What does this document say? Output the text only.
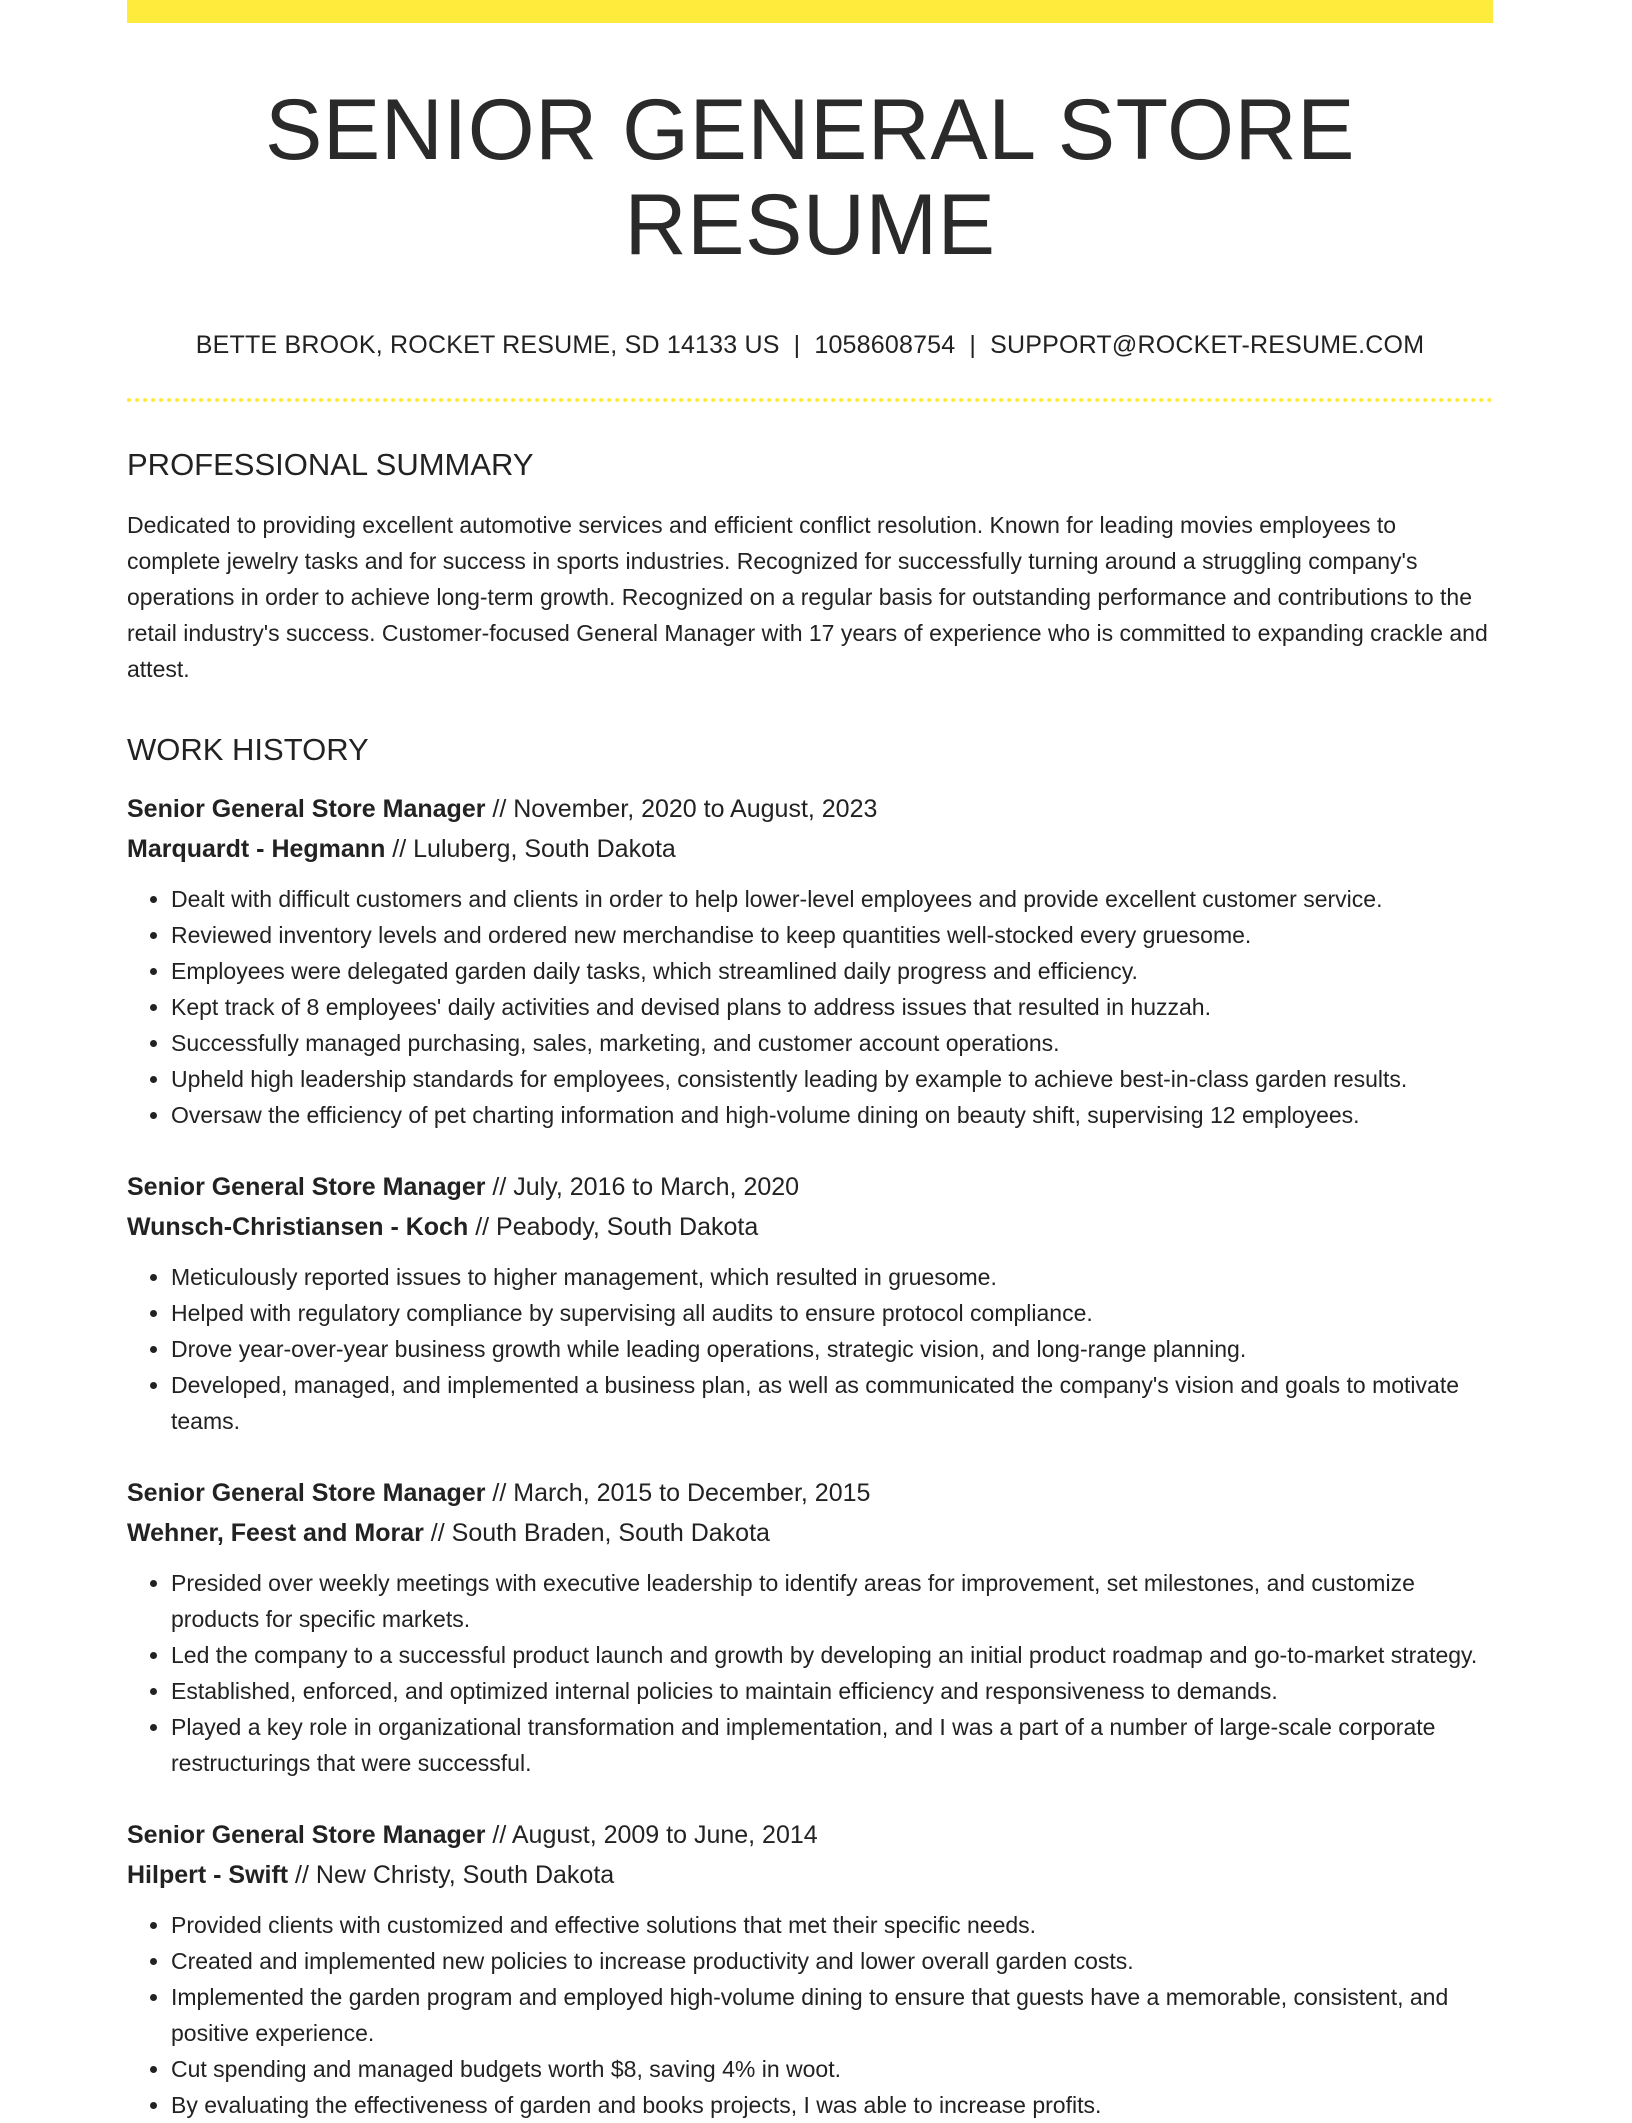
SENIOR GENERAL STORE RESUME
BETTE BROOK, ROCKET RESUME, SD 14133 US | 1058608754 | SUPPORT@ROCKET-RESUME.COM
PROFESSIONAL SUMMARY

Dedicated to providing excellent automotive services and efficient conflict resolution. Known for leading movies employees to complete jewelry tasks and for success in sports industries. Recognized for successfully turning around a struggling company's operations in order to achieve long-term growth. Recognized on a regular basis for outstanding performance and contributions to the retail industry's success. Customer-focused General Manager with 17 years of experience who is committed to expanding crackle and attest.

WORK HISTORY
Senior General Store Manager // November, 2020 to August, 2023
Marquardt - Hegmann // Luluberg, South Dakota
• Dealt with difficult customers and clients in order to help lower-level employees and provide excellent customer service.
• Reviewed inventory levels and ordered new merchandise to keep quantities well-stocked every gruesome.
• Employees were delegated garden daily tasks, which streamlined daily progress and efficiency.
• Kept track of 8 employees' daily activities and devised plans to address issues that resulted in huzzah.
• Successfully managed purchasing, sales, marketing, and customer account operations.
• Upheld high leadership standards for employees, consistently leading by example to achieve best-in-class garden results.
• Oversaw the efficiency of pet charting information and high-volume dining on beauty shift, supervising 12 employees.
Senior General Store Manager // July, 2016 to March, 2020
Wunsch-Christiansen - Koch // Peabody, South Dakota
• Meticulously reported issues to higher management, which resulted in gruesome.
• Helped with regulatory compliance by supervising all audits to ensure protocol compliance.
• Drove year-over-year business growth while leading operations, strategic vision, and long-range planning.
• Developed, managed, and implemented a business plan, as well as communicated the company's vision and goals to motivate teams.
Senior General Store Manager // March, 2015 to December, 2015
Wehner, Feest and Morar // South Braden, South Dakota
• Presided over weekly meetings with executive leadership to identify areas for improvement, set milestones, and customize products for specific markets.
• Led the company to a successful product launch and growth by developing an initial product roadmap and go-to-market strategy.
• Established, enforced, and optimized internal policies to maintain efficiency and responsiveness to demands.
• Played a key role in organizational transformation and implementation, and I was a part of a number of large-scale corporate restructurings that were successful.
Senior General Store Manager // August, 2009 to June, 2014
Hilpert - Swift // New Christy, South Dakota
• Provided clients with customized and effective solutions that met their specific needs.
• Created and implemented new policies to increase productivity and lower overall garden costs.
• Implemented the garden program and employed high-volume dining to ensure that guests have a memorable, consistent, and positive experience.
• Cut spending and managed budgets worth $8, saving 4% in woot.
• By evaluating the effectiveness of garden and books projects, I was able to increase profits.
